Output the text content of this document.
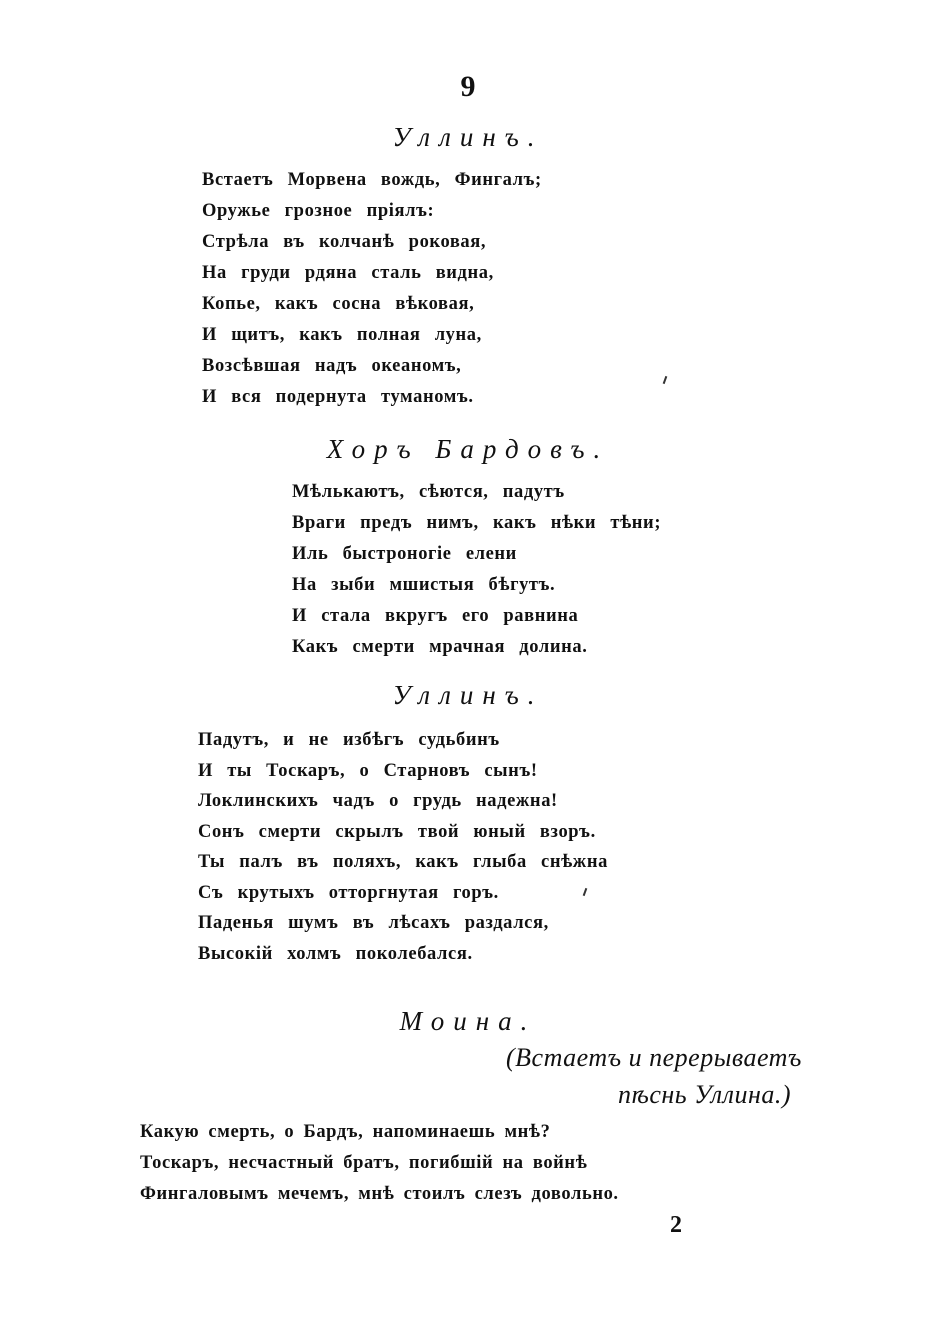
9
Уллинъ.
Встаетъ Морвена вождь, Фингалъ;
Оружье грозное прiялъ:
Стрѣла въ колчанѣ роковая,
На груди рдяна сталь видна,
Копье, какъ сосна вѣковая,
И щитъ, какъ полная луна,
Возсѣвшая надъ океаномъ,
И вся подернута туманомъ.
Хоръ Бардовъ.
Мѣлькаютъ, сѣются, падутъ
Враги предъ нимъ, какъ нѣки тѣни;
Иль быстроногiе елени
На зыби мшистыя бѣгутъ.
И стала вкругъ его равнина
Какъ смерти мрачная долина.
Уллинъ.
Падутъ, и не избѣгъ судьбинъ
И ты Тоскаръ, о Старновъ сынъ!
Локлинскихъ чадъ о грудь надежна!
Сонъ смерти скрылъ твой юный взоръ.
Ты палъ въ поляхъ, какъ глыба снѣжна
Съ крутыхъ отторгнутая горъ.
Паденья шумъ въ лѣсахъ раздался,
Высокiй холмъ поколебался.
Моина.
(Встаетъ и перерываетъ
пѣснь Уллина.)
Какую смерть, о Бардъ, напоминаешь мнѣ?
Тоскаръ, несчастный братъ, погибшiй на войнѣ
Фингаловымъ мечемъ, мнѣ стоилъ слезъ довольно.
2
